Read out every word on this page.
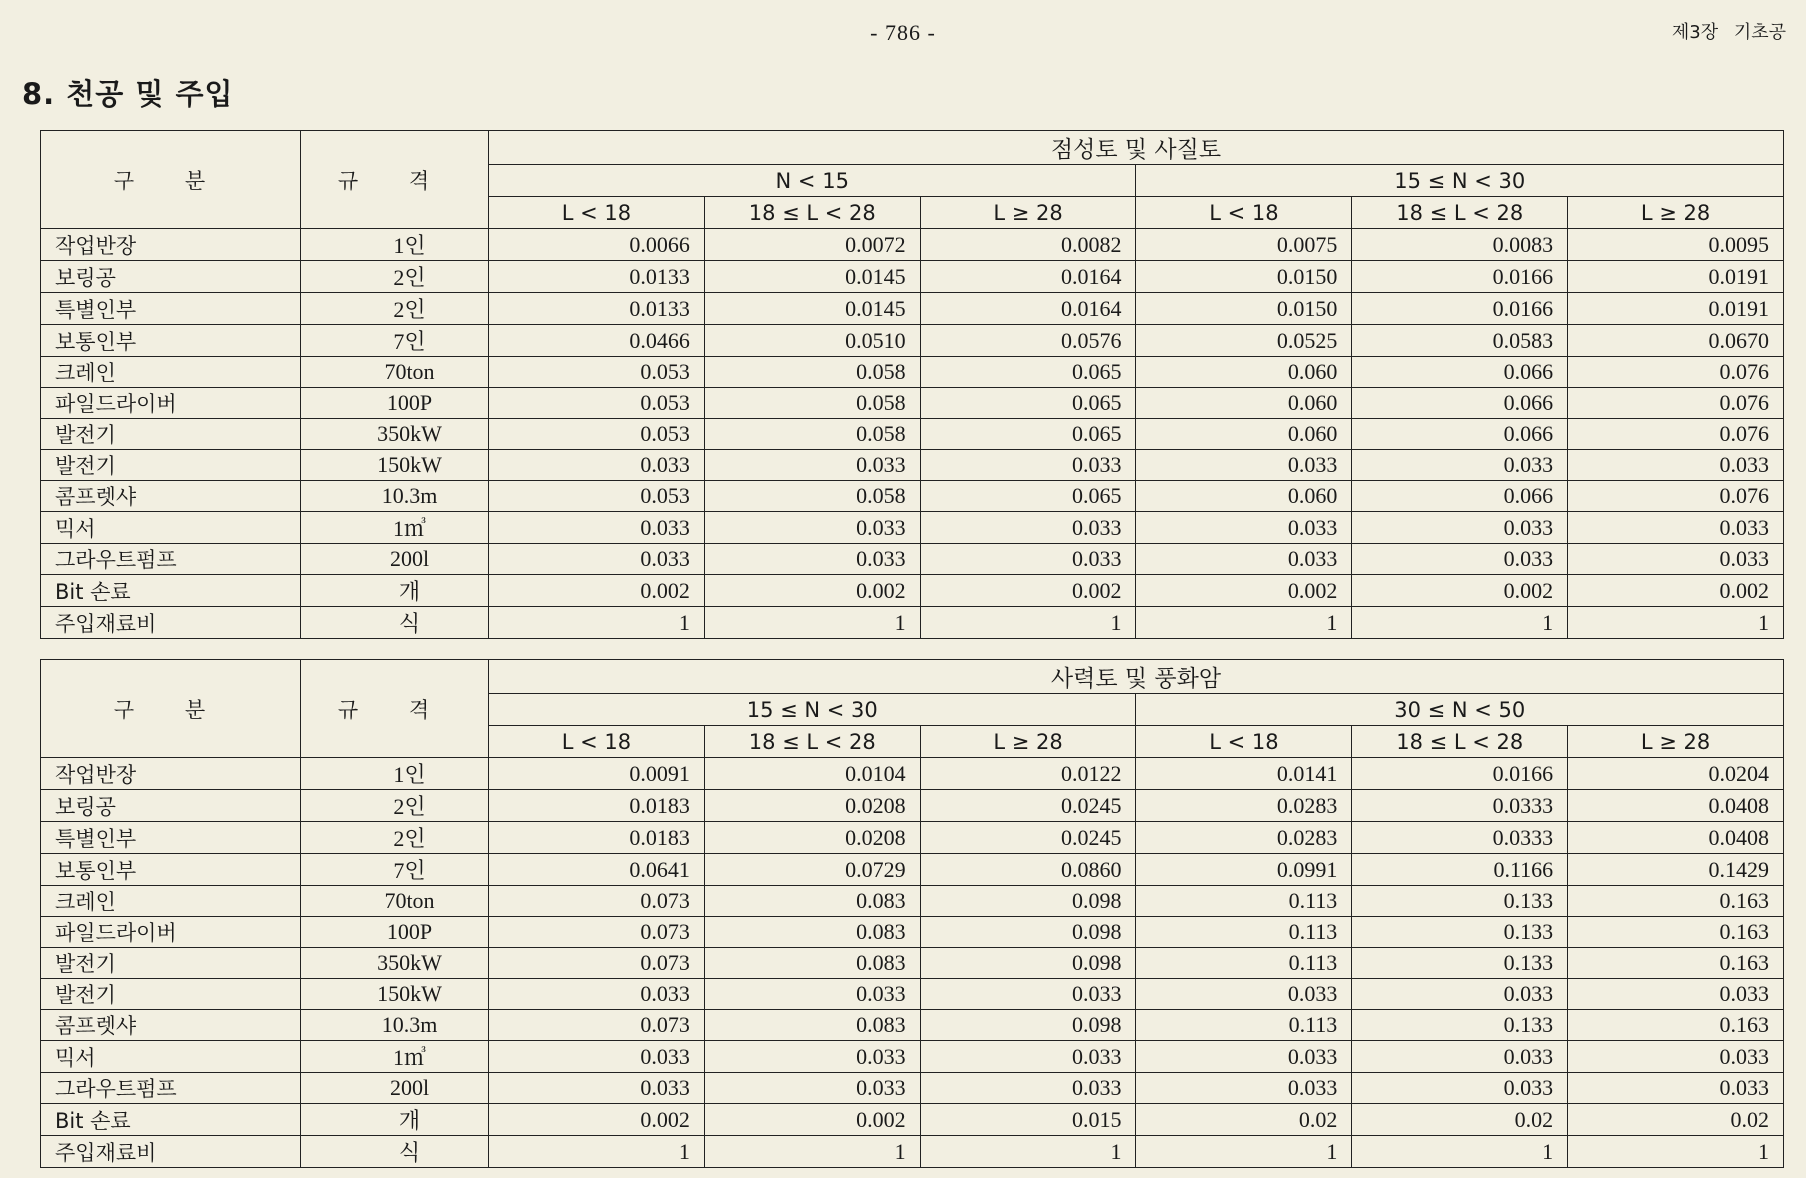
- 786 -	제3장 기초공
8. 천공 및 주입
구 분	규 격	점성토 및 사질토					
		N < 15			15 ≤ N < 30		
		L < 18	18 ≤ L < 28	L ≥ 28	L < 18	18 ≤ L < 28	L ≥ 28
작업반장	1인	0.0066	0.0072	0.0082	0.0075	0.0083	0.0095
보링공	2인	0.0133	0.0145	0.0164	0.0150	0.0166	0.0191
특별인부	2인	0.0133	0.0145	0.0164	0.0150	0.0166	0.0191
보통인부	7인	0.0466	0.0510	0.0576	0.0525	0.0583	0.0670
크레인	70ton	0.053	0.058	0.065	0.060	0.066	0.076
파일드라이버	100P	0.053	0.058	0.065	0.060	0.066	0.076
발전기	350kW	0.053	0.058	0.065	0.060	0.066	0.076
발전기	150kW	0.033	0.033	0.033	0.033	0.033	0.033
콤프렛샤	10.3m	0.053	0.058	0.065	0.060	0.066	0.076
믹서	1㎥	0.033	0.033	0.033	0.033	0.033	0.033
그라우트펌프	200l	0.033	0.033	0.033	0.033	0.033	0.033
Bit 손료	개	0.002	0.002	0.002	0.002	0.002	0.002
주입재료비	식	1	1	1	1	1	1
구 분	규 격	사력토 및 풍화암					
		15 ≤ N < 30			30 ≤ N < 50		
		L < 18	18 ≤ L < 28	L ≥ 28	L < 18	18 ≤ L < 28	L ≥ 28
작업반장	1인	0.0091	0.0104	0.0122	0.0141	0.0166	0.0204
보링공	2인	0.0183	0.0208	0.0245	0.0283	0.0333	0.0408
특별인부	2인	0.0183	0.0208	0.0245	0.0283	0.0333	0.0408
보통인부	7인	0.0641	0.0729	0.0860	0.0991	0.1166	0.1429
크레인	70ton	0.073	0.083	0.098	0.113	0.133	0.163
파일드라이버	100P	0.073	0.083	0.098	0.113	0.133	0.163
발전기	350kW	0.073	0.083	0.098	0.113	0.133	0.163
발전기	150kW	0.033	0.033	0.033	0.033	0.033	0.033
콤프렛샤	10.3m	0.073	0.083	0.098	0.113	0.133	0.163
믹서	1㎥	0.033	0.033	0.033	0.033	0.033	0.033
그라우트펌프	200l	0.033	0.033	0.033	0.033	0.033	0.033
Bit 손료	개	0.002	0.002	0.015	0.02	0.02	0.02
주입재료비	식	1	1	1	1	1	1
